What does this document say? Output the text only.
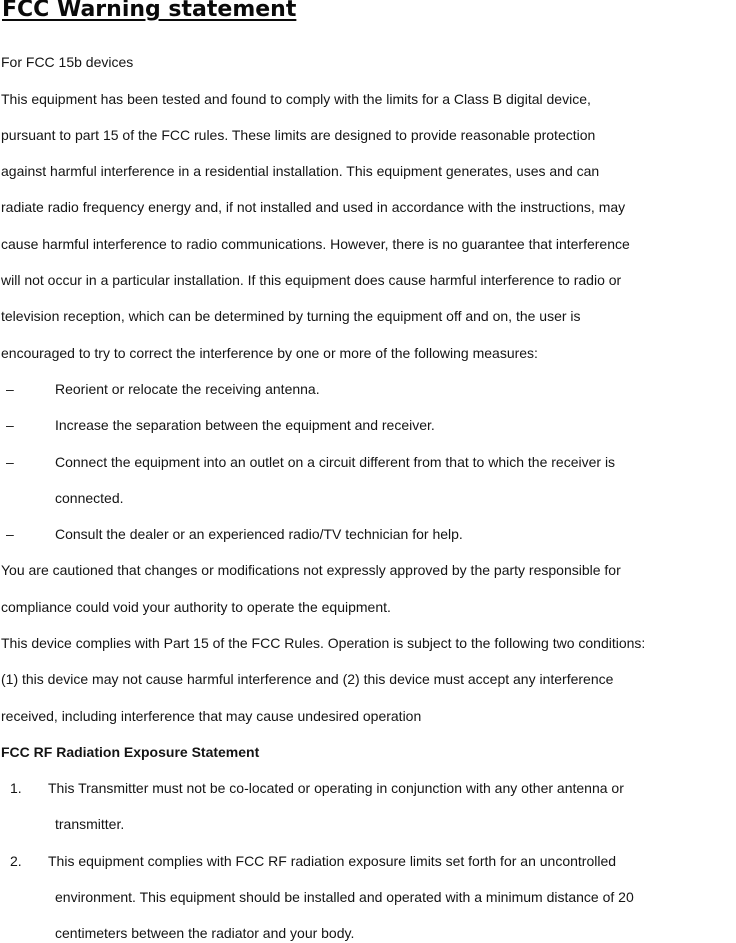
FCC Warning statement

For FCC 15b devices

This equipment has been tested and found to comply with the limits for a Class B digital device,

pursuant to part 15 of the FCC rules. These limits are designed to provide reasonable protection

against harmful interference in a residential installation. This equipment generates, uses and can

radiate radio frequency energy and, if not installed and used in accordance with the instructions, may

cause harmful interference to radio communications. However, there is no guarantee that interference

will not occur in a particular installation. If this equipment does cause harmful interference to radio or

television reception, which can be determined by turning the equipment off and on, the user is

encouraged to try to correct the interference by one or more of the following measures:

–	Reorient or relocate the receiving antenna.

–	Increase the separation between the equipment and receiver.

–	Connect the equipment into an outlet on a circuit different from that to which the receiver is

connected.

–	Consult the dealer or an experienced radio/TV technician for help.

You are cautioned that changes or modifications not expressly approved by the party responsible for

compliance could void your authority to operate the equipment.

This device complies with Part 15 of the FCC Rules. Operation is subject to the following two conditions:

(1) this device may not cause harmful interference and (2) this device must accept any interference

received, including interference that may cause undesired operation

FCC RF Radiation Exposure Statement

1. This Transmitter must not be co-located or operating in conjunction with any other antenna or

transmitter.

2. This equipment complies with FCC RF radiation exposure limits set forth for an uncontrolled

environment. This equipment should be installed and operated with a minimum distance of 20

centimeters between the radiator and your body.
